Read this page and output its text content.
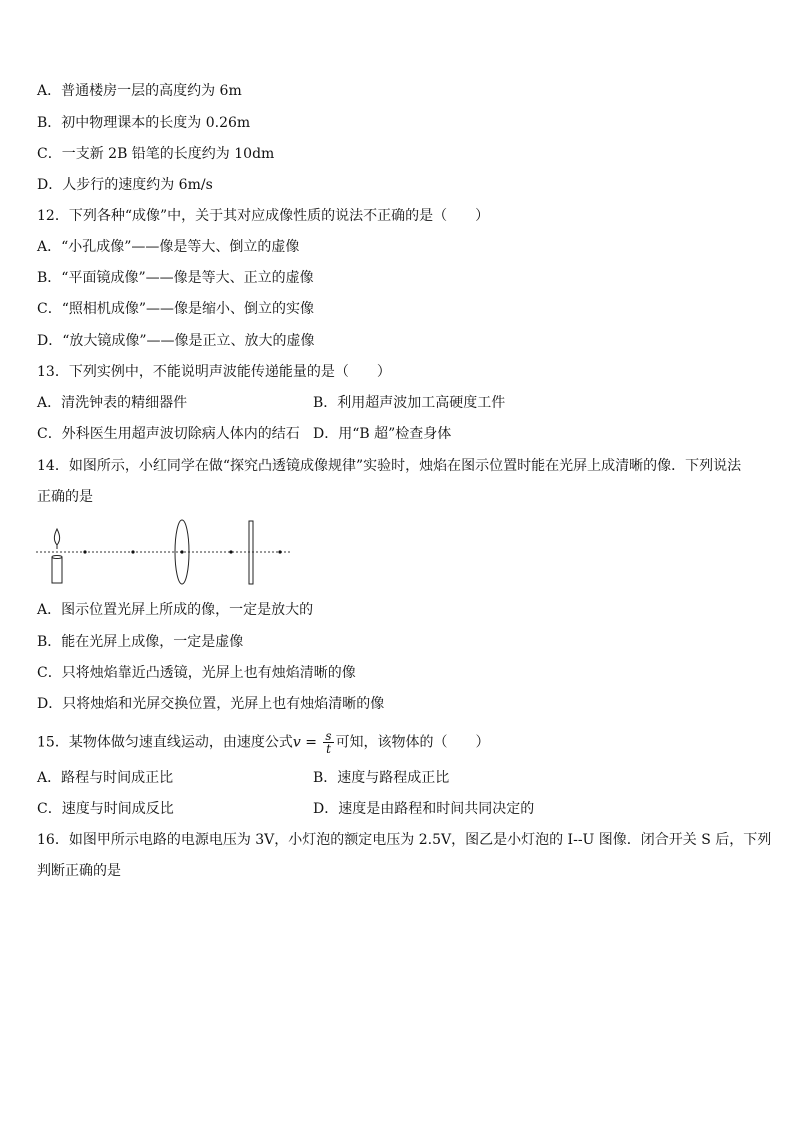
A．普通楼房一层的高度约为 6m
B．初中物理课本的长度为 0.26m
C．一支新 2B 铅笔的长度约为 10dm
D．人步行的速度约为 6m/s
12．下列各种“成像”中，关于其对应成像性质的说法不正确的是（　　）
A．“小孔成像”——像是等大、倒立的虚像
B．“平面镜成像”——像是等大、正立的虚像
C．“照相机成像”——像是缩小、倒立的实像
D．“放大镜成像”——像是正立、放大的虚像
13．下列实例中，不能说明声波能传递能量的是（　　）
A．清洗钟表的精细器件	B．利用超声波加工高硬度工件
C．外科医生用超声波切除病人体内的结石 D．用“B 超”检查身体
14．如图所示，小红同学在做“探究凸透镜成像规律”实验时，烛焰在图示位置时能在光屏上成清晰的像．下列说法
正确的是
A．图示位置光屏上所成的像，一定是放大的
B．能在光屏上成像，一定是虚像
C．只将烛焰靠近凸透镜，光屏上也有烛焰清晰的像
D．只将烛焰和光屏交换位置，光屏上也有烛焰清晰的像
15．某物体做匀速直线运动，由速度公式$v = \frac{s}{t}$ 可知，该物体的（　　）
A．路程与时间成正比	B．速度与路程成正比
C．速度与时间成反比	D．速度是由路程和时间共同决定的
16．如图甲所示电路的电源电压为 3V，小灯泡的额定电压为 2.5V，图乙是小灯泡的 I--U 图像．闭合开关 S 后，下列
判断正确的是
